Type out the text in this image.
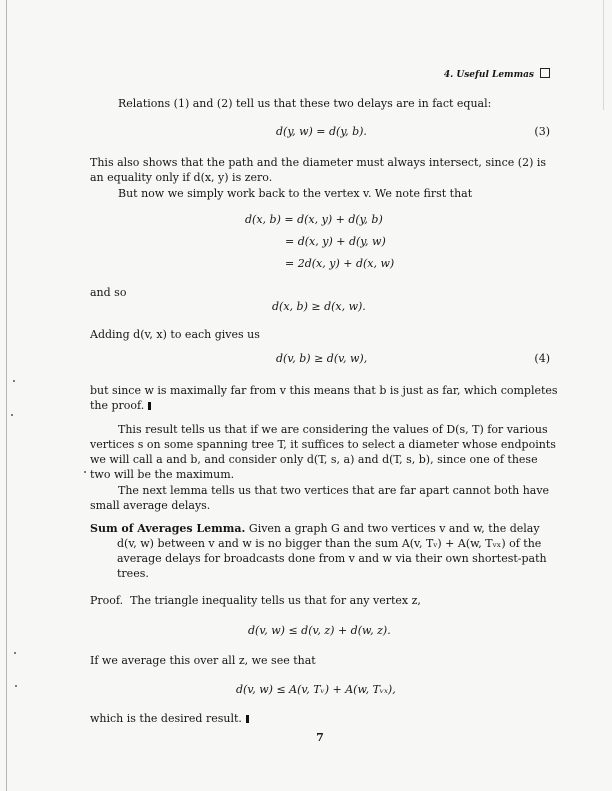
4. Useful Lemmas
Relations (1) and (2) tell us that these two delays are in fact equal:
d(y, w) = d(y, b).	(3)
This also shows that the path and the diameter must always intersect, since (2) is
an equality only if d(x, y) is zero.
But now we simply work back to the vertex v. We note first that
d(x, b) = d(x, y) + d(y, b)
= d(x, y) + d(y, w)
= 2d(x, y) + d(x, w)
and so
d(x, b) ≥ d(x, w).
Adding d(v, x) to each gives us
d(v, b) ≥ d(v, w),	(4)
but since w is maximally far from v this means that b is just as far, which completes
the proof.
This result tells us that if we are considering the values of D(s, T) for various
vertices s on some spanning tree T, it suffices to select a diameter whose endpoints
we will call a and b, and consider only d(T, s, a) and d(T, s, b), since one of these
two will be the maximum.
The next lemma tells us that two vertices that are far apart cannot both have
small average delays.
Sum of Averages Lemma. Given a graph G and two vertices v and w, the delay
d(v, w) between v and w is no bigger than the sum A(v, Tᵥ) + A(w, Tᵥₓ) of the
average delays for broadcasts done from v and w via their own shortest-path
trees.
Proof. The triangle inequality tells us that for any vertex z,
d(v, w) ≤ d(v, z) + d(w, z).
If we average this over all z, we see that
d(v, w) ≤ A(v, Tᵥ) + A(w, Tᵥₓ),
which is the desired result.
7
